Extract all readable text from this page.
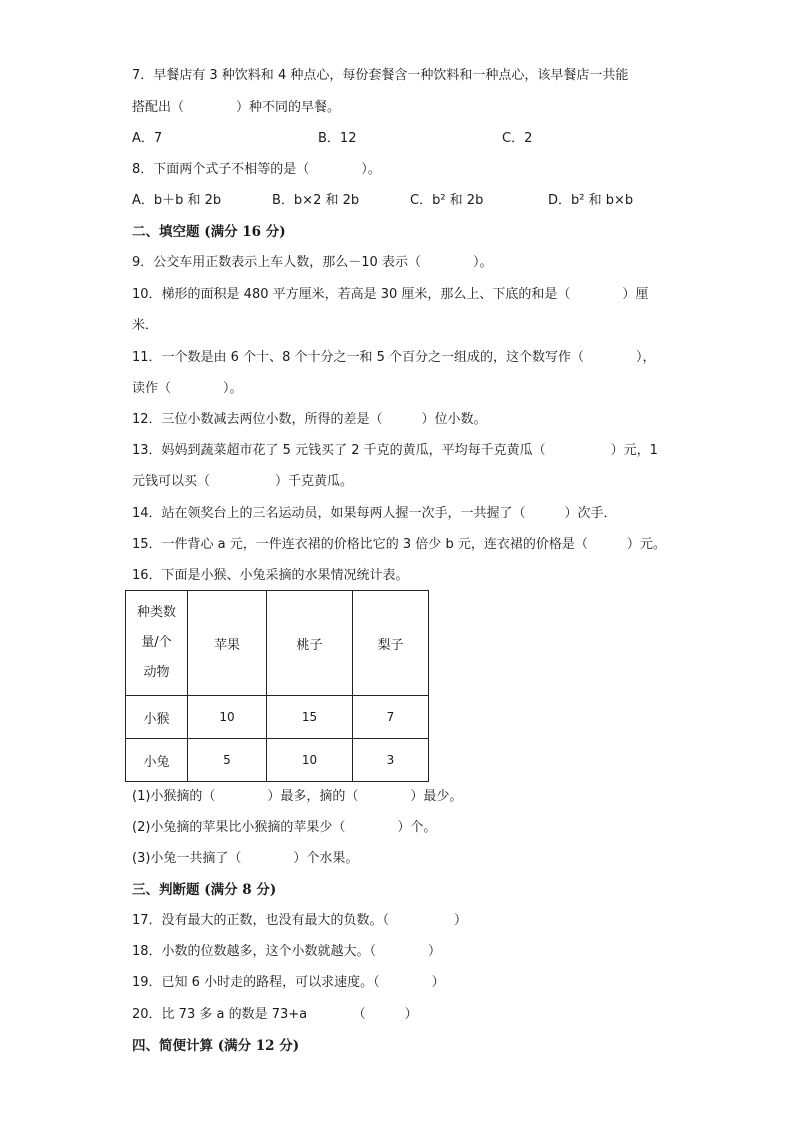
7．早餐店有 3 种饮料和 4 种点心，每份套餐含一种饮料和一种点心，该早餐店一共能
搭配出（　　　　）种不同的早餐。
A．7	B．12	C．2
8．下面两个式子不相等的是（　　　　）。
A．b＋b 和 2b	B．b×2 和 2b	C．b² 和 2b	D．b² 和 b×b
二、填空题 (满分 16 分)
9．公交车用正数表示上车人数，那么－10 表示（　　　　）。
10．梯形的面积是 480 平方厘米，若高是 30 厘米，那么上、下底的和是（　　　　）厘
米．
11．一个数是由 6 个十、8 个十分之一和 5 个百分之一组成的，这个数写作（　　　　），
读作（　　　　）。
12．三位小数减去两位小数，所得的差是（　　　）位小数。
13．妈妈到蔬菜超市花了 5 元钱买了 2 千克的黄瓜，平均每千克黄瓜（　　　　　）元，1
元钱可以买（　　　　　）千克黄瓜。
14．站在领奖台上的三名运动员，如果每两人握一次手，一共握了（　　　）次手．
15．一件背心 a 元，一件连衣裙的价格比它的 3 倍少 b 元，连衣裙的价格是（　　　）元。
16．下面是小猴、小兔采摘的水果情况统计表。
种类数
量/个
动物	苹果	桃子	梨子
小猴	10	15	7
小兔	5	10	3
(1)小猴摘的（　　　　）最多，摘的（　　　　）最少。
(2)小兔摘的苹果比小猴摘的苹果少（　　　　）个。
(3)小兔一共摘了（　　　　）个水果。
三、判断题 (满分 8 分)
17．没有最大的正数，也没有最大的负数。（　　　　　）
18．小数的位数越多，这个小数就越大。（　　　　）
19．已知 6 小时走的路程，可以求速度。（　　　　）
20．比 73 多 a 的数是 73+a　　　　（　　　）
四、简便计算 (满分 12 分)
